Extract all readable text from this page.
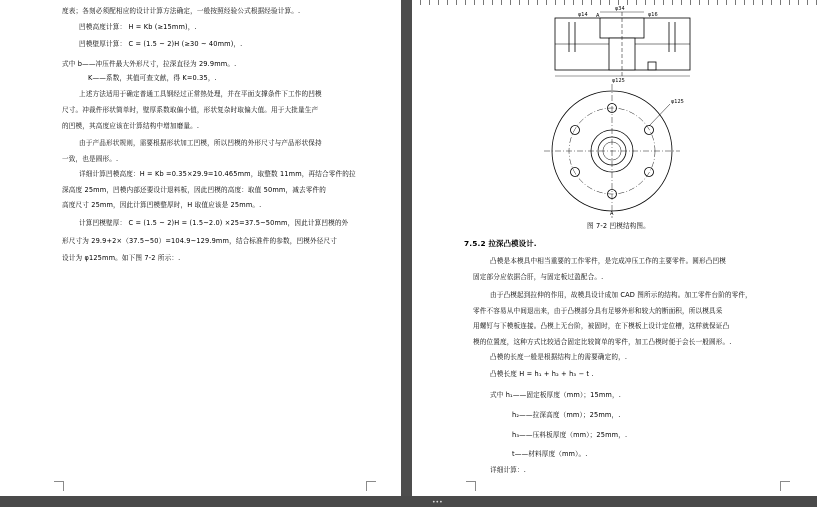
度表；各刻必须配相应的设计计算方法确定，一般按照经验公式根据经验计算。.
凹模高度计算： H = Kb (≥15mm)，.
凹模壁厚计算： C = (1.5 ~ 2)H (≥30 ~ 40mm)，.
式中 b——冲压件最大外形尺寸，拉深直径为 29.9mm。.
K——系数，其值可查文献，得 K=0.35，.
上述方法适用于确定普通工具钢经过正常热处理，并在平面支撑条件下工作的凹模
尺寸。冲裁件形状简单时，壁厚系数取偏小值，形状复杂时取偏大值。用于大批量生产
的凹模，其高度应该在计算结构中增加磨量。.
由于产品形状规则，需要根据形状加工凹模，所以凹模的外形尺寸与产品形状保持
一致，也是圆形。.
详细计算凹模高度：H = Kb =0.35×29.9=10.465mm，取整数 11mm，再结合零件的拉
深高度 25mm，凹模内部还要设计退料板，因此凹模的高度：取值 50mm，减去零件的
高度尺寸 25mm，因此计算凹模整厚时，H 取值应该是 25mm。.
计算凹模壁厚： C = (1.5 ~ 2)H = (1.5~2.0) ×25=37.5~50mm，因此计算凹模的外
形尺寸为 29.9+2×（37.5~50）=104.9~129.9mm，结合标准件的参数，凹模外径尺寸
设计为 φ125mm。如下图 7-2 所示：.
φ34
φ14	φ16
φ125
φ125
A
A
图 7-2 凹模结构图。
7.5.2 拉深凸模设计.
凸模是本模具中相当重要的工作零件，是完成冲压工作的主要零件。圆形凸凹模
固定部分应依据合肝，与固定板过盈配合。.
由于凸模起到拉伸的作用，故模具设计成加 CAD 图所示的结构。加工零件台阶的零件，
零件不容易从中间退出来，由于凸模部分具有足够外形和较大的断面积，所以模具采
用螺钉与下模板连接。凸模上无台阶，被固时，在下模板上设计定位槽，这样就保证凸
模的位置度，这种方式比较适合固定比较简单的零件，加工凸模时便于会长一般圆形。.
凸模的长度一般是根据结构上的需要确定的，.
凸模长度 H = h₁ + h₂ + h₃ − t .
式中 h₁——固定板厚度（mm）；15mm，.
h₂——拉深高度（mm）；25mm，.
h₃——压料板厚度（mm）；25mm，.
t——材料厚度（mm）。.
详细计算：.
•••
